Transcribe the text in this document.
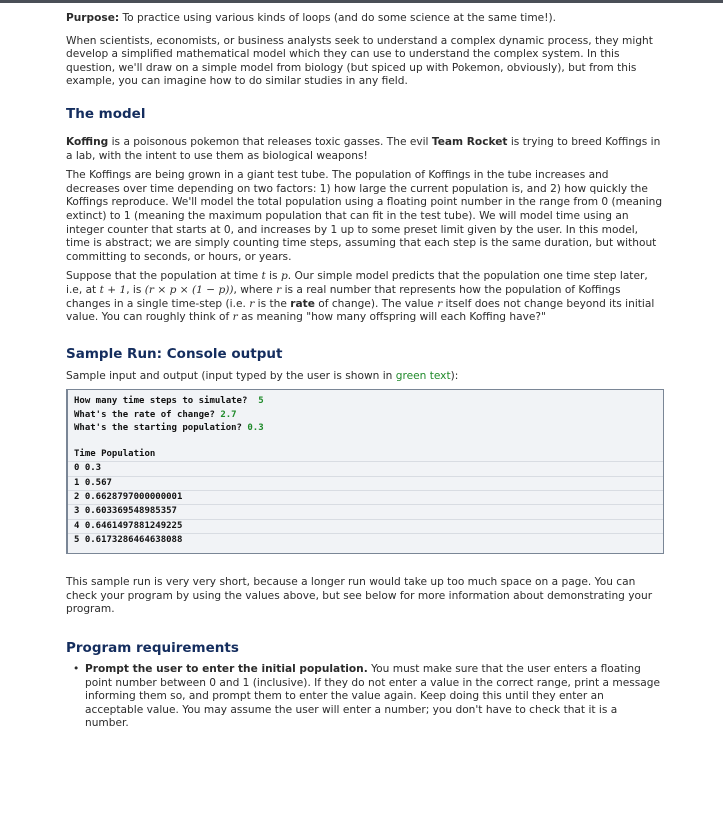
Purpose: To practice using various kinds of loops (and do some science at the same time!).

When scientists, economists, or business analysts seek to understand a complex dynamic process, they might develop a simplified mathematical model which they can use to understand the complex system. In this question, we'll draw on a simple model from biology (but spiced up with Pokemon, obviously), but from this example, you can imagine how to do similar studies in any field.

The model

Koffing is a poisonous pokemon that releases toxic gasses. The evil Team Rocket is trying to breed Koffings in a lab, with the intent to use them as biological weapons!

The Koffings are being grown in a giant test tube. The population of Koffings in the tube increases and decreases over time depending on two factors: 1) how large the current population is, and 2) how quickly the Koffings reproduce. We'll model the total population using a floating point number in the range from 0 (meaning extinct) to 1 (meaning the maximum population that can fit in the test tube). We will model time using an integer counter that starts at 0, and increases by 1 up to some preset limit given by the user. In this model, time is abstract; we are simply counting time steps, assuming that each step is the same duration, but without committing to seconds, or hours, or years.

Suppose that the population at time t is p. Our simple model predicts that the population one time step later, i.e, at t + 1, is (r × p × (1 − p)), where r is a real number that represents how the population of Koffings changes in a single time-step (i.e. r is the rate of change). The value r itself does not change beyond its initial value. You can roughly think of r as meaning "how many offspring will each Koffing have?"

Sample Run: Console output

Sample input and output (input typed by the user is shown in green text):

How many time steps to simulate?  5
What's the rate of change? 2.7
What's the starting population? 0.3
Time Population
0 0.3
1 0.567
2 0.6628797000000001
3 0.603369548985357
4 0.6461497881249225
5 0.6173286464638088

This sample run is very very short, because a longer run would take up too much space on a page. You can check your program by using the values above, but see below for more information about demonstrating your program.

Program requirements
• Prompt the user to enter the initial population. You must make sure that the user enters a floating point number between 0 and 1 (inclusive). If they do not enter a value in the correct range, print a message informing them so, and prompt them to enter the value again. Keep doing this until they enter an acceptable value. You may assume the user will enter a number; you don't have to check that it is a number.
